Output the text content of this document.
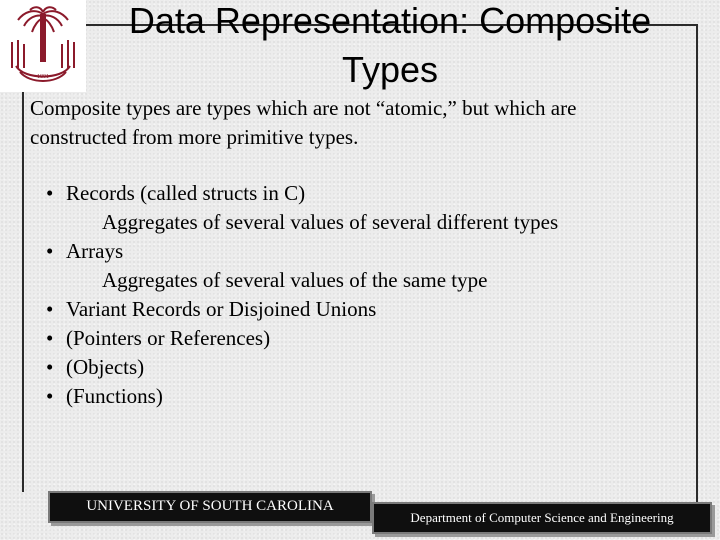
1801
Data Representation: Composite
Types
Composite types are types which are not “atomic,” but which are
constructed from more primitive types.
• Records (called structs in C)
Aggregates of several values of several different types
• Arrays
Aggregates of several values of the same type
• Variant Records or Disjoined Unions
• (Pointers or References)
• (Objects)
• (Functions)
UNIVERSITY OF SOUTH CAROLINA
Department of Computer Science and Engineering
